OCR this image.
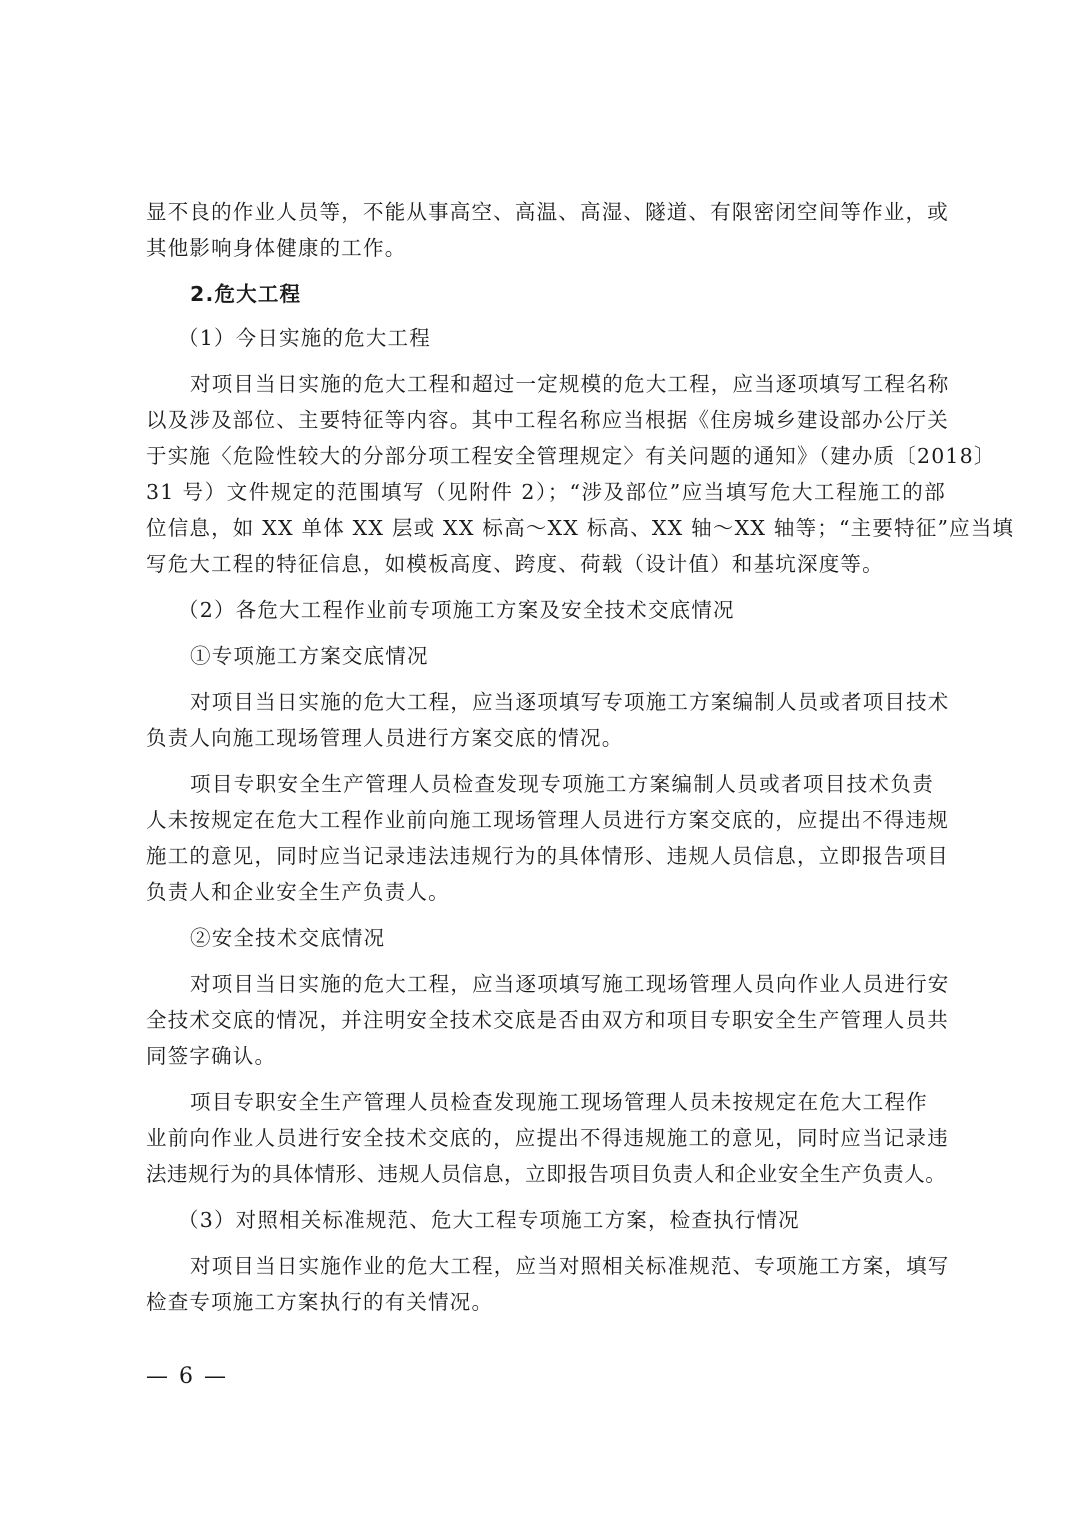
显不良的作业人员等，不能从事高空、高温、高湿、隧道、有限密闭空间等作业，或
其他影响身体健康的工作。
2.危大工程
（1）今日实施的危大工程
对项目当日实施的危大工程和超过一定规模的危大工程，应当逐项填写工程名称
以及涉及部位、主要特征等内容。其中工程名称应当根据《住房城乡建设部办公厅关
于实施〈危险性较大的分部分项工程安全管理规定〉有关问题的通知》（建办质〔2018〕
31 号）文件规定的范围填写（见附件 2）；“涉及部位”应当填写危大工程施工的部
位信息，如 XX 单体 XX 层或 XX 标高～XX 标高、XX 轴～XX 轴等；“主要特征”应当填
写危大工程的特征信息，如模板高度、跨度、荷载（设计值）和基坑深度等。
（2）各危大工程作业前专项施工方案及安全技术交底情况
①专项施工方案交底情况
对项目当日实施的危大工程，应当逐项填写专项施工方案编制人员或者项目技术
负责人向施工现场管理人员进行方案交底的情况。
项目专职安全生产管理人员检查发现专项施工方案编制人员或者项目技术负责
人未按规定在危大工程作业前向施工现场管理人员进行方案交底的，应提出不得违规
施工的意见，同时应当记录违法违规行为的具体情形、违规人员信息，立即报告项目
负责人和企业安全生产负责人。
②安全技术交底情况
对项目当日实施的危大工程，应当逐项填写施工现场管理人员向作业人员进行安
全技术交底的情况，并注明安全技术交底是否由双方和项目专职安全生产管理人员共
同签字确认。
项目专职安全生产管理人员检查发现施工现场管理人员未按规定在危大工程作
业前向作业人员进行安全技术交底的，应提出不得违规施工的意见，同时应当记录违
法违规行为的具体情形、违规人员信息，立即报告项目负责人和企业安全生产负责人。
（3）对照相关标准规范、危大工程专项施工方案，检查执行情况
对项目当日实施作业的危大工程，应当对照相关标准规范、专项施工方案，填写
检查专项施工方案执行的有关情况。
— 6 —
